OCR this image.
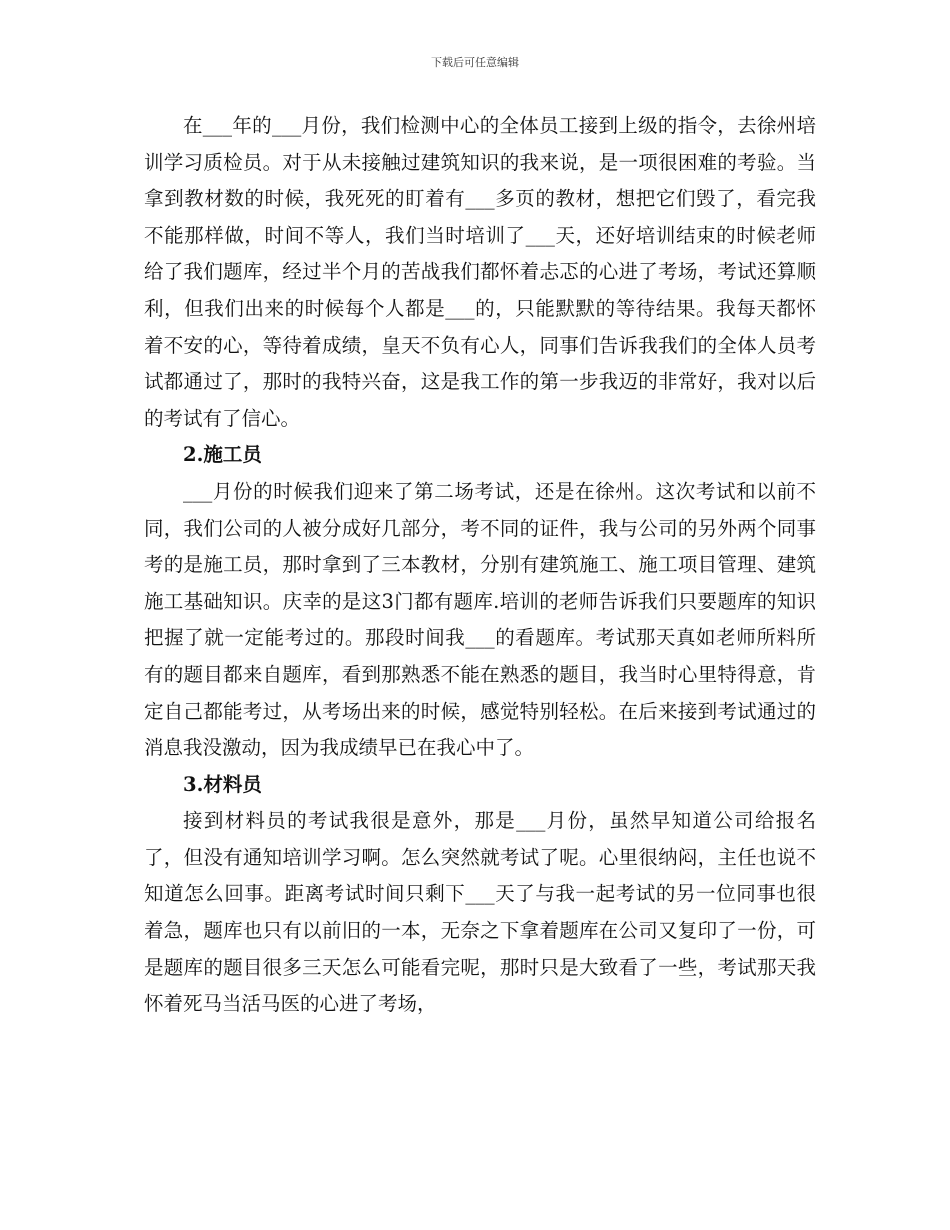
下载后可任意编辑

在___年的___月份，我们检测中心的全体员工接到上级的指令，去徐州培训学习质检员。对于从未接触过建筑知识的我来说，是一项很困难的考验。当拿到教材数的时候，我死死的盯着有___多页的教材，想把它们毁了，看完我不能那样做，时间不等人，我们当时培训了___天，还好培训结束的时候老师给了我们题库，经过半个月的苦战我们都怀着忐忑的心进了考场，考试还算顺利，但我们出来的时候每个人都是___的，只能默默的等待结果。我每天都怀着不安的心，等待着成绩，皇天不负有心人，同事们告诉我我们的全体人员考试都通过了，那时的我特兴奋，这是我工作的第一步我迈的非常好，我对以后的考试有了信心。

2.施工员

___月份的时候我们迎来了第二场考试，还是在徐州。这次考试和以前不同，我们公司的人被分成好几部分，考不同的证件，我与公司的另外两个同事考的是施工员，那时拿到了三本教材，分别有建筑施工、施工项目管理、建筑施工基础知识。庆幸的是这3门都有题库.培训的老师告诉我们只要题库的知识把握了就一定能考过的。那段时间我___的看题库。考试那天真如老师所料所有的题目都来自题库，看到那熟悉不能在熟悉的题目，我当时心里特得意，肯定自己都能考过，从考场出来的时候，感觉特别轻松。在后来接到考试通过的消息我没激动，因为我成绩早已在我心中了。

3.材料员

接到材料员的考试我很是意外，那是___月份，虽然早知道公司给报名了，但没有通知培训学习啊。怎么突然就考试了呢。心里很纳闷，主任也说不知道怎么回事。距离考试时间只剩下___天了与我一起考试的另一位同事也很着急，题库也只有以前旧的一本，无奈之下拿着题库在公司又复印了一份，可是题库的题目很多三天怎么可能看完呢，那时只是大致看了一些，考试那天我怀着死马当活马医的心进了考场，
